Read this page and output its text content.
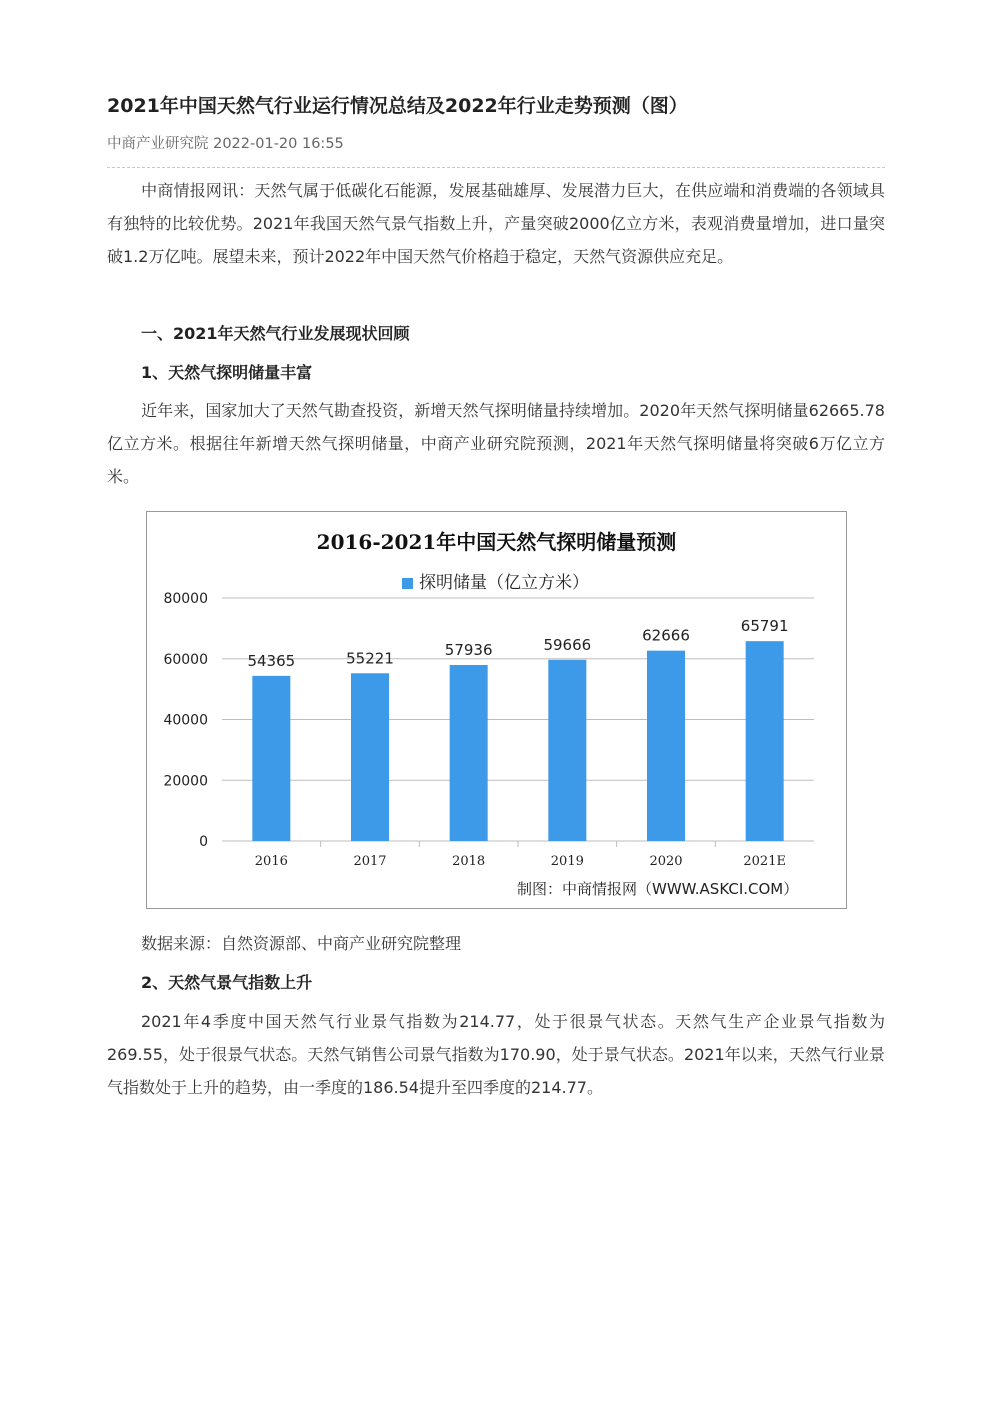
2021年中国天然气行业运行情况总结及2022年行业走势预测（图）
中商产业研究院 2022-01-20 16:55

中商情报网讯：天然气属于低碳化石能源，发展基础雄厚、发展潜力巨大，在供应端和消费端的各领域具有独特的比较优势。2021年我国天然气景气指数上升，产量突破2000亿立方米，表观消费量增加，进口量突破1.2万亿吨。展望未来，预计2022年中国天然气价格趋于稳定，天然气资源供应充足。

一、2021年天然气行业发展现状回顾
1、天然气探明储量丰富

近年来，国家加大了天然气勘查投资，新增天然气探明储量持续增加。2020年天然气探明储量62665.78亿立方米。根据往年新增天然气探明储量，中商产业研究院预测，2021年天然气探明储量将突破6万亿立方米。

数据来源：自然资源部、中商产业研究院整理
2、天然气景气指数上升

2021年4季度中国天然气行业景气指数为214.77，处于很景气状态。天然气生产企业景气指数为269.55，处于很景气状态。天然气销售公司景气指数为170.90，处于景气状态。2021年以来，天然气行业景气指数处于上升的趋势，由一季度的186.54提升至四季度的214.77。

2016-2021年中国天然气探明储量预测
探明储量（亿立方米）
0
20000
40000
60000
80000
54365
2016
55221
2017
57936
2018
59666
2019
62666
2020
65791
2021E
制图：中商情报网（WWW.ASKCI.COM）
